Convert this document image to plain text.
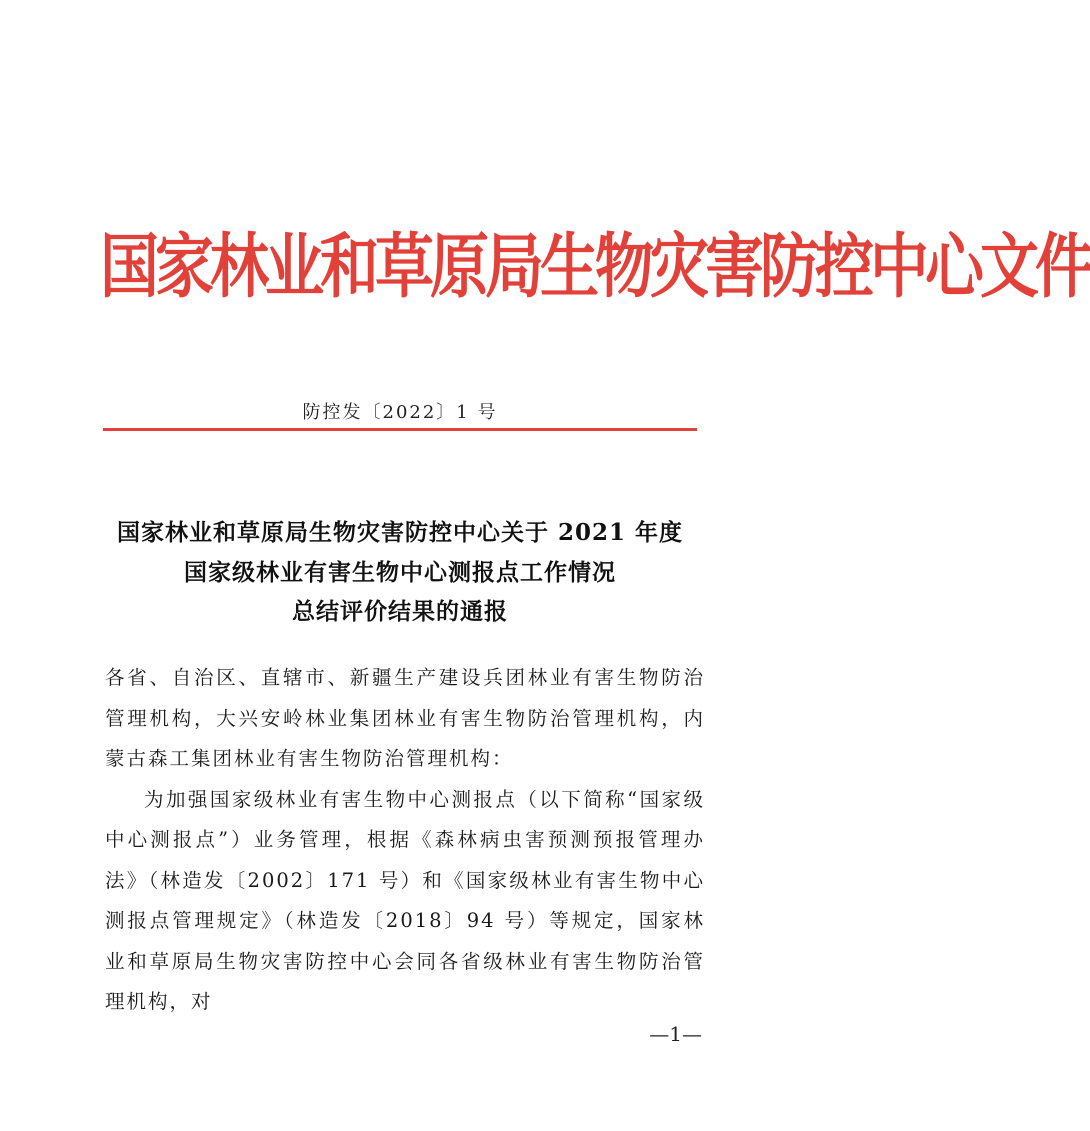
国家林业和草原局生物灾害防控中心文件
防控发〔2022〕1 号
国家林业和草原局生物灾害防控中心关于 2021 年度
国家级林业有害生物中心测报点工作情况
总结评价结果的通报

各省、自治区、直辖市、新疆生产建设兵团林业有害生物防治管理机构，大兴安岭林业集团林业有害生物防治管理机构，内蒙古森工集团林业有害生物防治管理机构：

为加强国家级林业有害生物中心测报点（以下简称“国家级中心测报点”）业务管理，根据《森林病虫害预测预报管理办法》（林造发〔2002〕171 号）和《国家级林业有害生物中心测报点管理规定》（林造发〔2018〕94 号）等规定，国家林业和草原局生物灾害防控中心会同各省级林业有害生物防治管理机构，对

—1—
